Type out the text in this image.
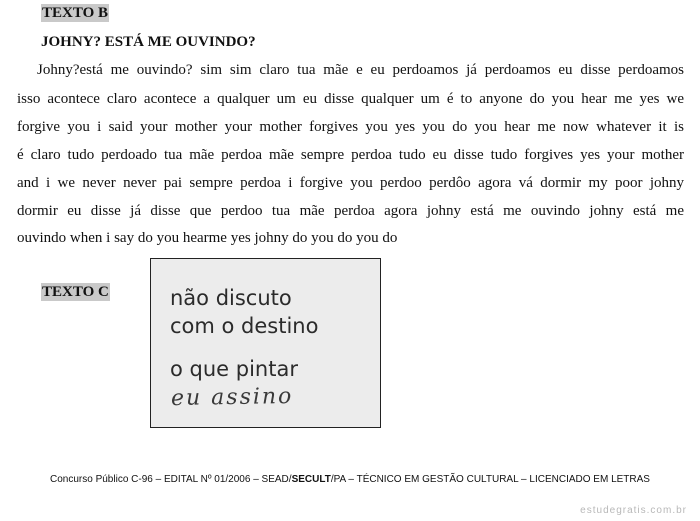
TEXTO B
JOHNY? ESTÁ ME OUVINDO?
Johny?está me ouvindo? sim sim claro tua mãe e eu perdoamos já perdoamos eu disse perdoamos
isso acontece claro acontece a qualquer um eu disse qualquer um é to anyone do you hear me yes we
forgive you i said your mother your mother forgives you yes you do you hear me now whatever it is
é claro tudo perdoado tua mãe perdoa mãe sempre perdoa tudo eu disse tudo forgives yes your mother
and i we never never pai sempre perdoa i forgive you perdoo perdôo agora vá dormir my poor johny
dormir eu disse já disse que perdoo tua mãe perdoa agora johny está me ouvindo johny está me
ouvindo when i say do you hearme yes johny do you do you do
TEXTO C	não discuto
com o destino
o que pintar
eu assino
Concurso Público C-96 – EDITAL Nº 01/2006 – SEAD/SECULT/PA – TÉCNICO EM GESTÃO CULTURAL – LICENCIADO EM LETRAS
estudegratis.com.br
